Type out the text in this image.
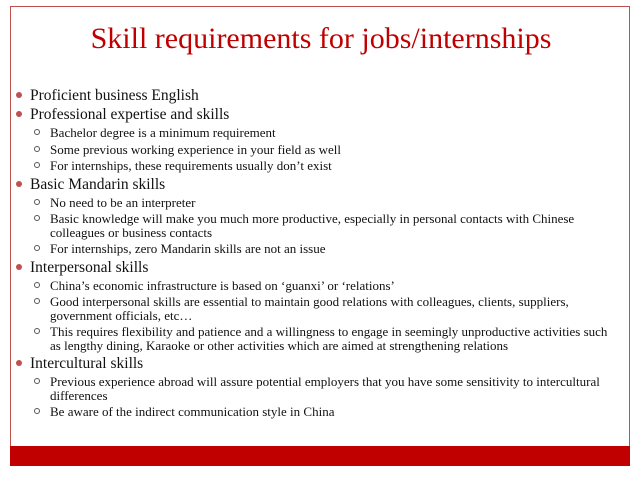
Skill requirements for jobs/internships
Proficient business English
Professional expertise and skills
Bachelor degree is a minimum requirement
Some previous working experience in your field as well
For internships, these requirements usually don’t exist
Basic Mandarin skills
No need to be an interpreter
Basic knowledge will make you much more productive, especially in personal contacts with Chinese colleagues or business contacts
For internships, zero Mandarin skills are not an issue
Interpersonal skills
China’s economic infrastructure is based on ‘guanxi’ or ‘relations’
Good interpersonal skills are essential to maintain good relations with colleagues, clients, suppliers, government officials, etc…
This requires flexibility and patience and a willingness to engage in seemingly unproductive activities such as lengthy dining, Karaoke or other activities which are aimed at strengthening relations
Intercultural skills
Previous experience abroad will assure potential employers that you have some sensitivity to intercultural differences
Be aware of the indirect communication style in China
